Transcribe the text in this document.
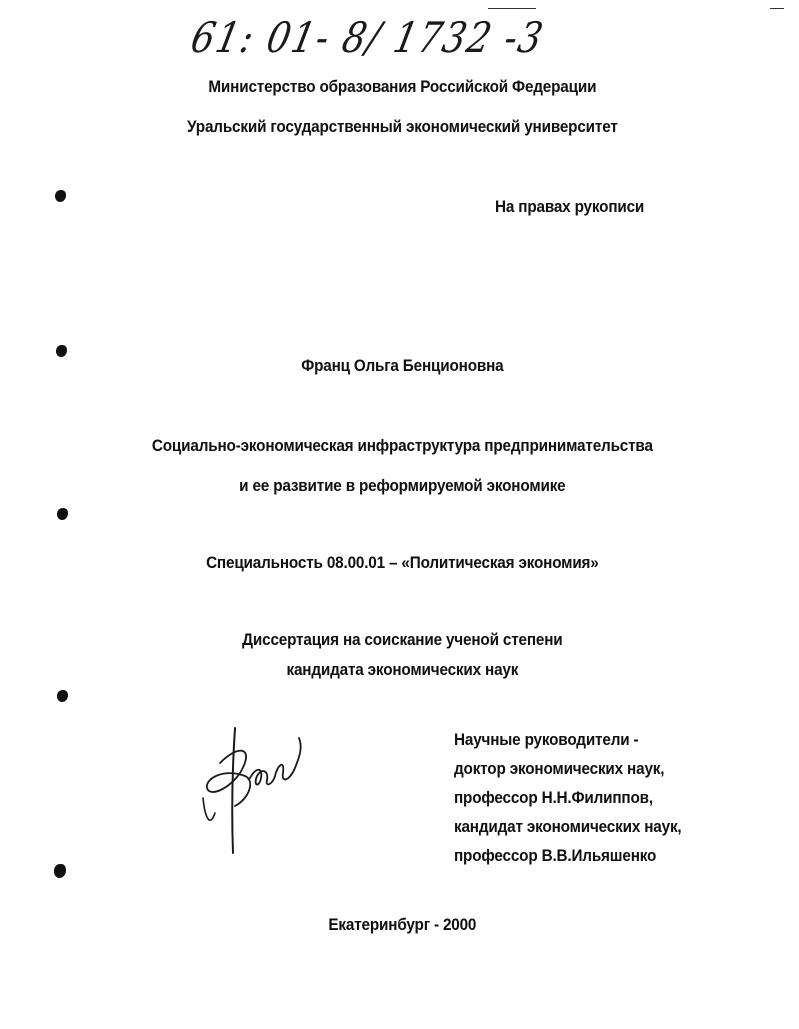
61: 01- 8/ 1732 -3
Министерство образования Российской Федерации
Уральский государственный экономический университет
На правах рукописи
Франц Ольга Бенционовна
Социально-экономическая инфраструктура предпринимательства
и ее развитие в реформируемой экономике
Специальность 08.00.01 – «Политическая экономия»
Диссертация на соискание ученой степени
кандидата экономических наук
Научные руководители -
доктор экономических наук,
профессор Н.Н.Филиппов,
кандидат экономических наук,
профессор В.В.Ильяшенко
Екатеринбург - 2000
